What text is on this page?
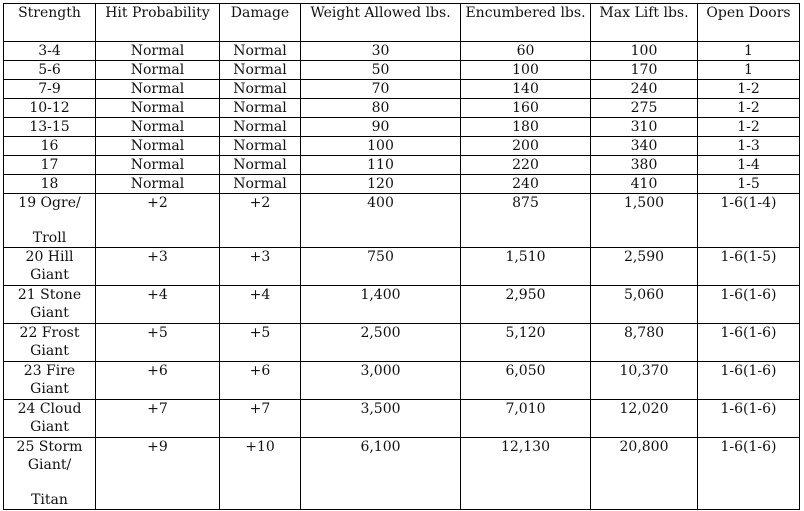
Strength	Hit Probability	Damage	Weight Allowed lbs.	Encumbered lbs.	Max Lift lbs.	Open Doors

3-4	Normal	Normal	30	60	100	1

5-6	Normal	Normal	50	100	170	1

7-9	Normal	Normal	70	140	240	1-2

10-12	Normal	Normal	80	160	275	1-2

13-15	Normal	Normal	90	180	310	1-2

16	Normal	Normal	100	200	340	1-3

17	Normal	Normal	110	220	380	1-4

18	Normal	Normal	120	240	410	1-5

19 Ogre/
Troll	+2	+2	400	875	1,500	1-6(1-4)

20 Hill
Giant	+3	+3	750	1,510	2,590	1-6(1-5)

21 Stone
Giant	+4	+4	1,400	2,950	5,060	1-6(1-6)

22 Frost
Giant	+5	+5	2,500	5,120	8,780	1-6(1-6)

23 Fire
Giant	+6	+6	3,000	6,050	10,370	1-6(1-6)

24 Cloud
Giant	+7	+7	3,500	7,010	12,020	1-6(1-6)

25 Storm
Giant/
Titan	+9	+10	6,100	12,130	20,800	1-6(1-6)
